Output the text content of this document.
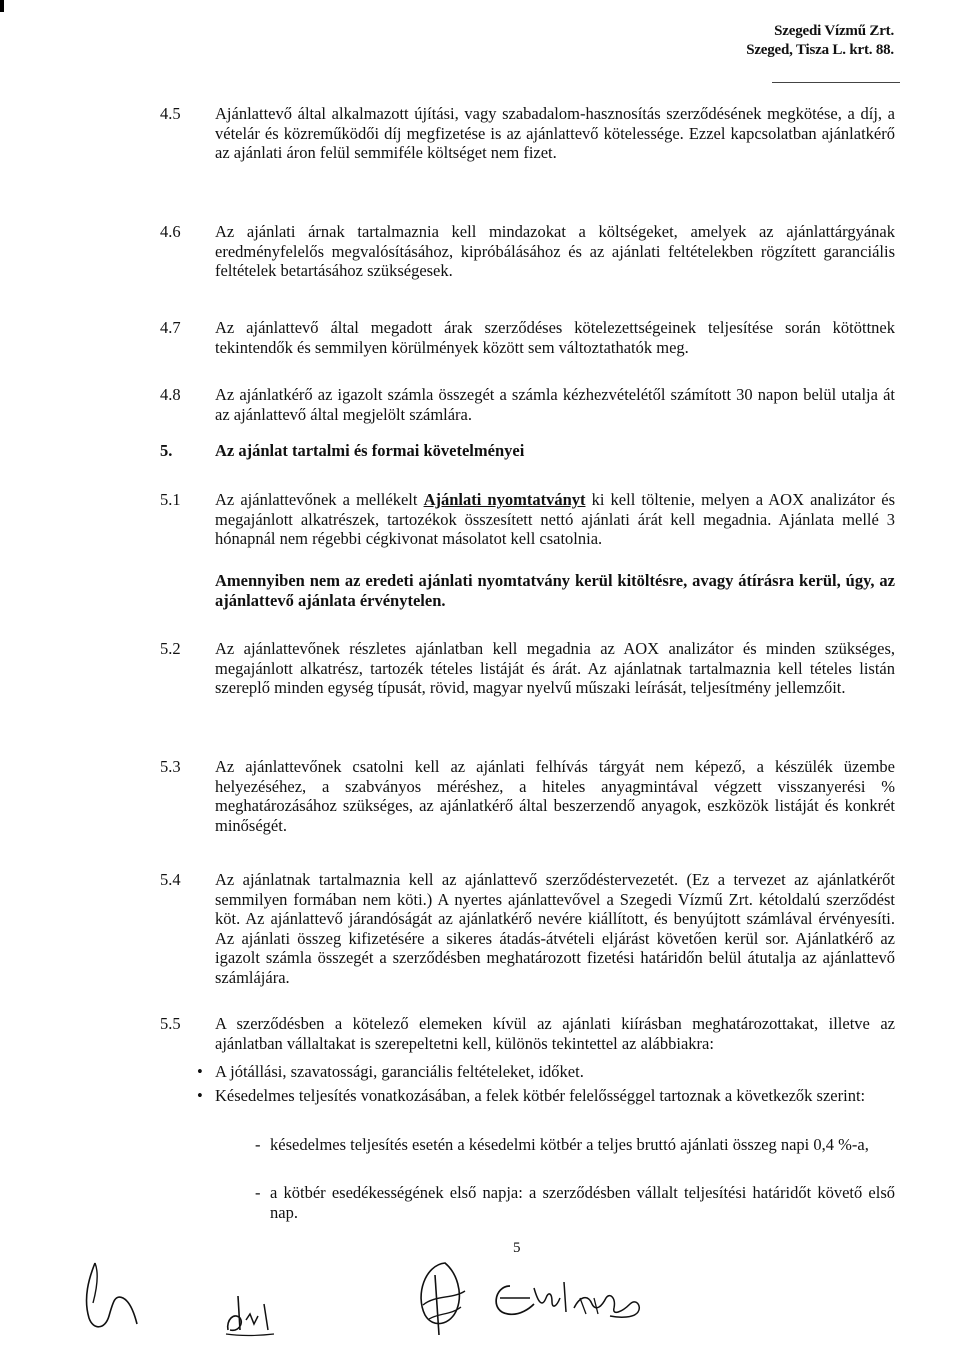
Szegedi Vízmű Zrt.
Szeged, Tisza L. krt. 88.
4.5	Ajánlattevő által alkalmazott újítási, vagy szabadalom-hasznosítás szerződésének megkötése, a díj, a vételár és közreműködői díj megfizetése is az ajánlattevő kötelessége. Ezzel kapcsolatban ajánlatkérő az ajánlati áron felül semmiféle költséget nem fizet.
4.6	Az ajánlati árnak tartalmaznia kell mindazokat a költségeket, amelyek az ajánlattárgyának eredményfelelős megvalósításához, kipróbálásához és az ajánlati feltételekben rögzített garanciális feltételek betartásához szükségesek.
4.7	Az ajánlattevő által megadott árak szerződéses kötelezettségeinek teljesítése során kötöttnek tekintendők és semmilyen körülmények között sem változtathatók meg.
4.8	Az ajánlatkérő az igazolt számla összegét a számla kézhezvételétől számított 30 napon belül utalja át az ajánlattevő által megjelölt számlára.
5.	Az ajánlat tartalmi és formai követelményei
5.1	Az ajánlattevőnek a mellékelt Ajánlati nyomtatványt ki kell töltenie, melyen a AOX analizátor és megajánlott alkatrészek, tartozékok összesített nettó ajánlati árát kell megadnia. Ajánlata mellé 3 hónapnál nem régebbi cégkivonat másolatot kell csatolnia.
Amennyiben nem az eredeti ajánlati nyomtatvány kerül kitöltésre, avagy átírásra kerül, úgy, az ajánlattevő ajánlata érvénytelen.
5.2	Az ajánlattevőnek részletes ajánlatban kell megadnia az AOX analizátor és minden szükséges, megajánlott alkatrész, tartozék tételes listáját és árát. Az ajánlatnak tartalmaznia kell tételes listán szereplő minden egység típusát, rövid, magyar nyelvű műszaki leírását, teljesítmény jellemzőit.
5.3	Az ajánlattevőnek csatolni kell az ajánlati felhívás tárgyát nem képező, a készülék üzembe helyezéséhez, a szabványos méréshez, a hiteles anyagmintával végzett visszanyerési % meghatározásához szükséges, az ajánlatkérő által beszerzendő anyagok, eszközök listáját és konkrét minőségét.
5.4	Az ajánlatnak tartalmaznia kell az ajánlattevő szerződéstervezetét. (Ez a tervezet az ajánlatkérőt semmilyen formában nem köti.) A nyertes ajánlattevővel a Szegedi Vízmű Zrt. kétoldalú szerződést köt. Az ajánlattevő járandóságát az ajánlatkérő nevére kiállított, és benyújtott számlával érvényesíti. Az ajánlati összeg kifizetésére a sikeres átadás-átvételi eljárást követően kerül sor. Ajánlatkérő az igazolt számla összegét a szerződésben meghatározott fizetési határidőn belül átutalja az ajánlattevő számlájára.
5.5	A szerződésben a kötelező elemeken kívül az ajánlati kiírásban meghatározottakat, illetve az ajánlatban vállaltakat is szerepeltetni kell, különös tekintettel az alábbiakra:
• A jótállási, szavatossági, garanciális feltételeket, időket.
• Késedelmes teljesítés vonatkozásában, a felek kötbér felelősséggel tartoznak a következők szerint:
- késedelmes teljesítés esetén a késedelmi kötbér a teljes bruttó ajánlati összeg napi 0,4 %-a,
- a kötbér esedékességének első napja: a szerződésben vállalt teljesítési határidőt követő első nap.
5
